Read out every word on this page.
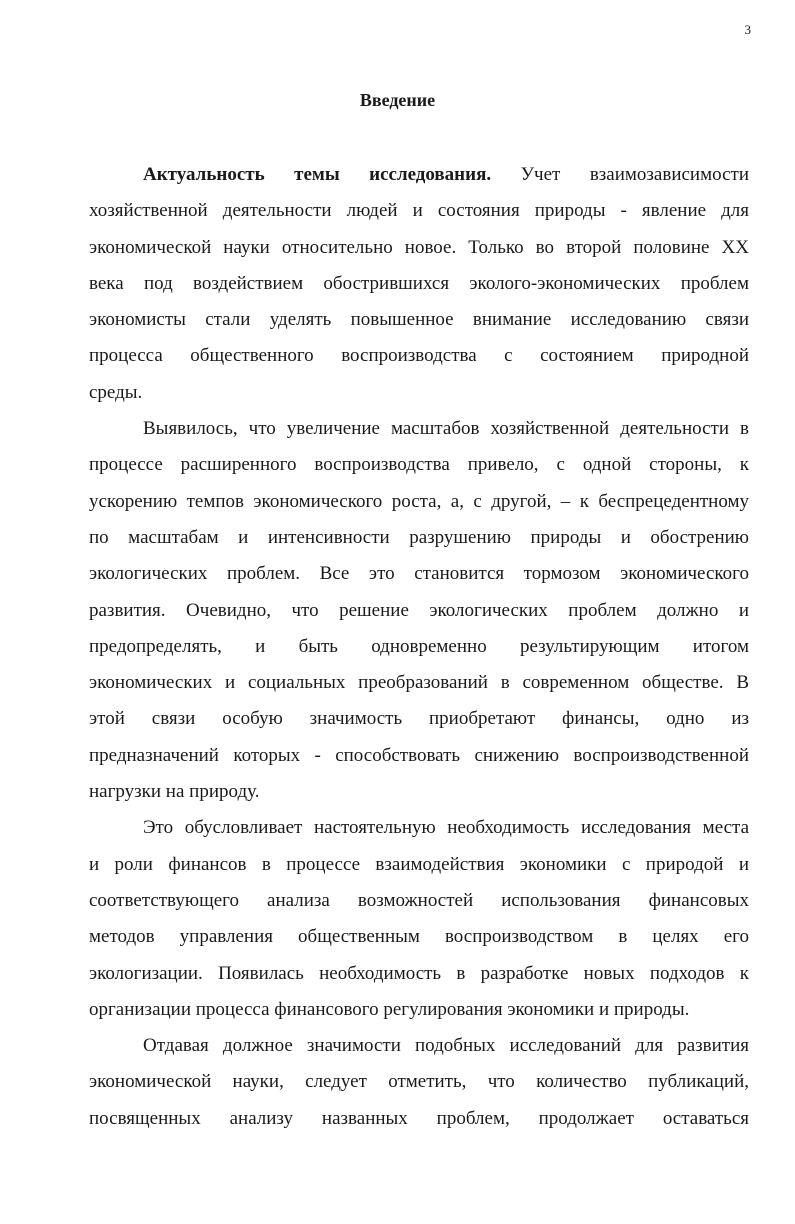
3
Введение
Актуальность темы исследования. Учет взаимозависимости
хозяйственной деятельности людей и состояния природы - явление для
экономической науки относительно новое. Только во второй половине XX
века под воздействием обострившихся эколого-экономических проблем
экономисты стали уделять повышенное внимание исследованию связи
процесса общественного воспроизводства с состоянием природной
среды.
Выявилось, что увеличение масштабов хозяйственной деятельности в
процессе расширенного воспроизводства привело, с одной стороны, к
ускорению темпов экономического роста, а, с другой, – к беспрецедентному
по масштабам и интенсивности разрушению природы и обострению
экологических проблем. Все это становится тормозом экономического
развития. Очевидно, что решение экологических проблем должно и
предопределять, и быть одновременно результирующим итогом
экономических и социальных преобразований в современном обществе. В
этой связи особую значимость приобретают финансы, одно из
предназначений которых - способствовать снижению воспроизводственной
нагрузки на природу.
Это обусловливает настоятельную необходимость исследования места
и роли финансов в процессе взаимодействия экономики с природой и
соответствующего анализа возможностей использования финансовых
методов управления общественным воспроизводством в целях его
экологизации. Появилась необходимость в разработке новых подходов к
организации процесса финансового регулирования экономики и природы.
Отдавая должное значимости подобных исследований для развития
экономической науки, следует отметить, что количество публикаций,
посвященных анализу названных проблем, продолжает оставаться
